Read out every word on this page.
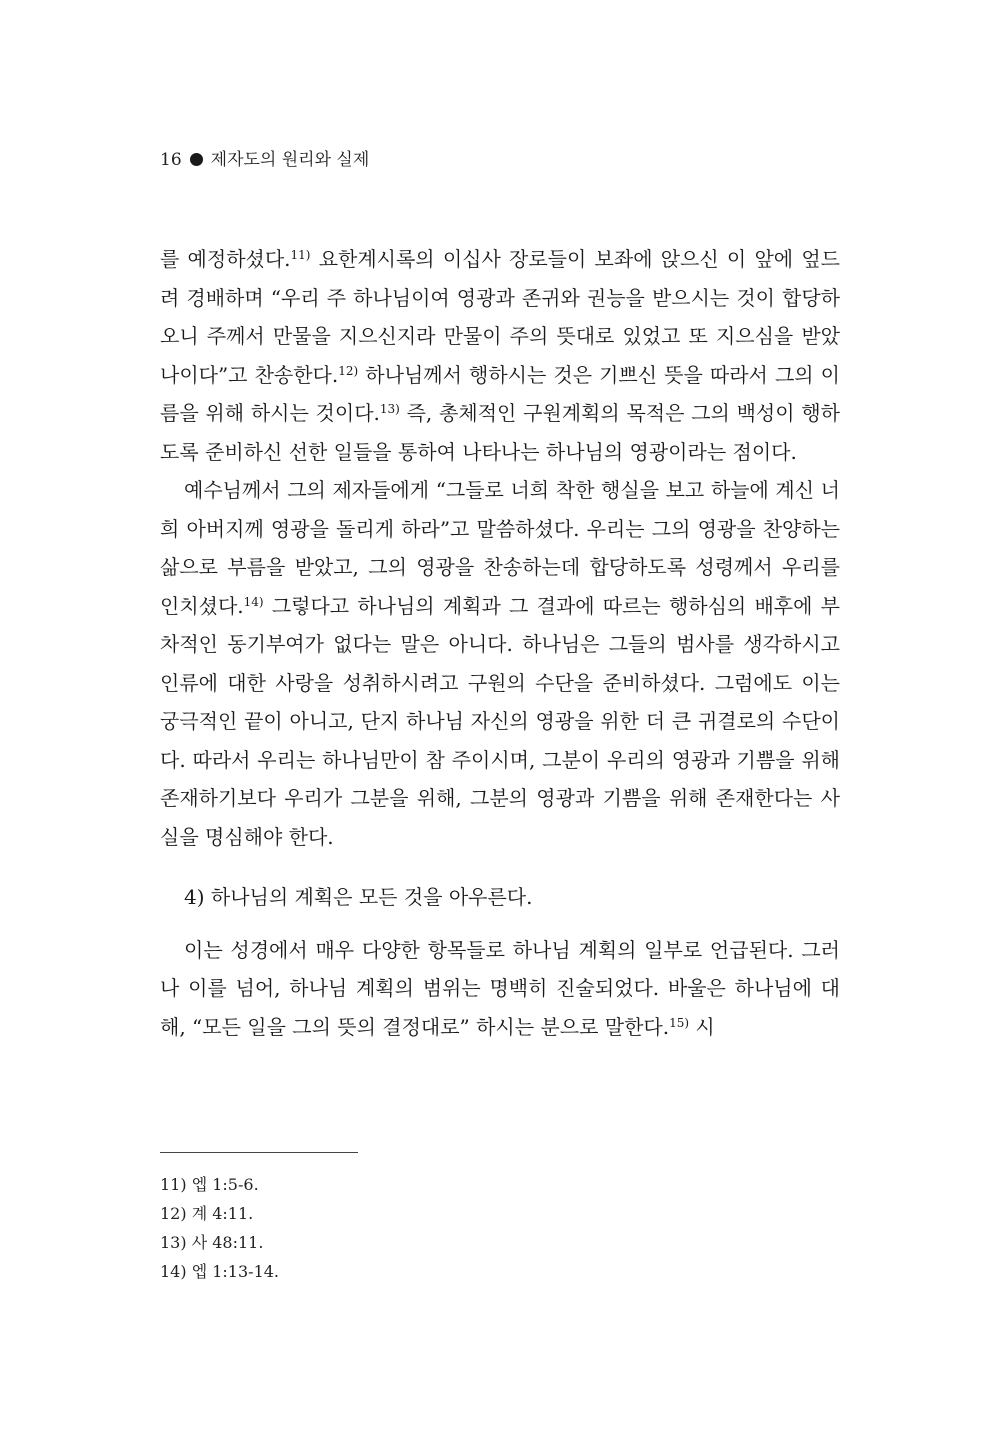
16 제자도의 원리와 실제

를 예정하셨다.$^{11)}$ 요한계시록의 이십사 장로들이 보좌에 앉으신 이 앞에 엎드려 경배하며 “우리 주 하나님이여 영광과 존귀와 권능을 받으시는 것이 합당하오니 주께서 만물을 지으신지라 만물이 주의 뜻대로 있었고 또 지으심을 받았나이다”고 찬송한다.$^{12)}$ 하나님께서 행하시는 것은 기쁘신 뜻을 따라서 그의 이름을 위해 하시는 것이다.$^{13)}$ 즉, 총체적인 구원계획의 목적은 그의 백성이 행하도록 준비하신 선한 일들을 통하여 나타나는 하나님의 영광이라는 점이다.

예수님께서 그의 제자들에게 “그들로 너희 착한 행실을 보고 하늘에 계신 너희 아버지께 영광을 돌리게 하라”고 말씀하셨다. 우리는 그의 영광을 찬양하는 삶으로 부름을 받았고, 그의 영광을 찬송하는데 합당하도록 성령께서 우리를 인치셨다.$^{14)}$ 그렇다고 하나님의 계획과 그 결과에 따르는 행하심의 배후에 부차적인 동기부여가 없다는 말은 아니다. 하나님은 그들의 범사를 생각하시고 인류에 대한 사랑을 성취하시려고 구원의 수단을 준비하셨다. 그럼에도 이는 궁극적인 끝이 아니고, 단지 하나님 자신의 영광을 위한 더 큰 귀결로의 수단이다. 따라서 우리는 하나님만이 참 주이시며, 그분이 우리의 영광과 기쁨을 위해 존재하기보다 우리가 그분을 위해, 그분의 영광과 기쁨을 위해 존재한다는 사실을 명심해야 한다.

4) 하나님의 계획은 모든 것을 아우른다.

이는 성경에서 매우 다양한 항목들로 하나님 계획의 일부로 언급된다. 그러나 이를 넘어, 하나님 계획의 범위는 명백히 진술되었다. 바울은 하나님에 대해, “모든 일을 그의 뜻의 결정대로” 하시는 분으로 말한다.$^{15)}$ 시

11) 엡 1:5-6.
12) 계 4:11.
13) 사 48:11.
14) 엡 1:13-14.
